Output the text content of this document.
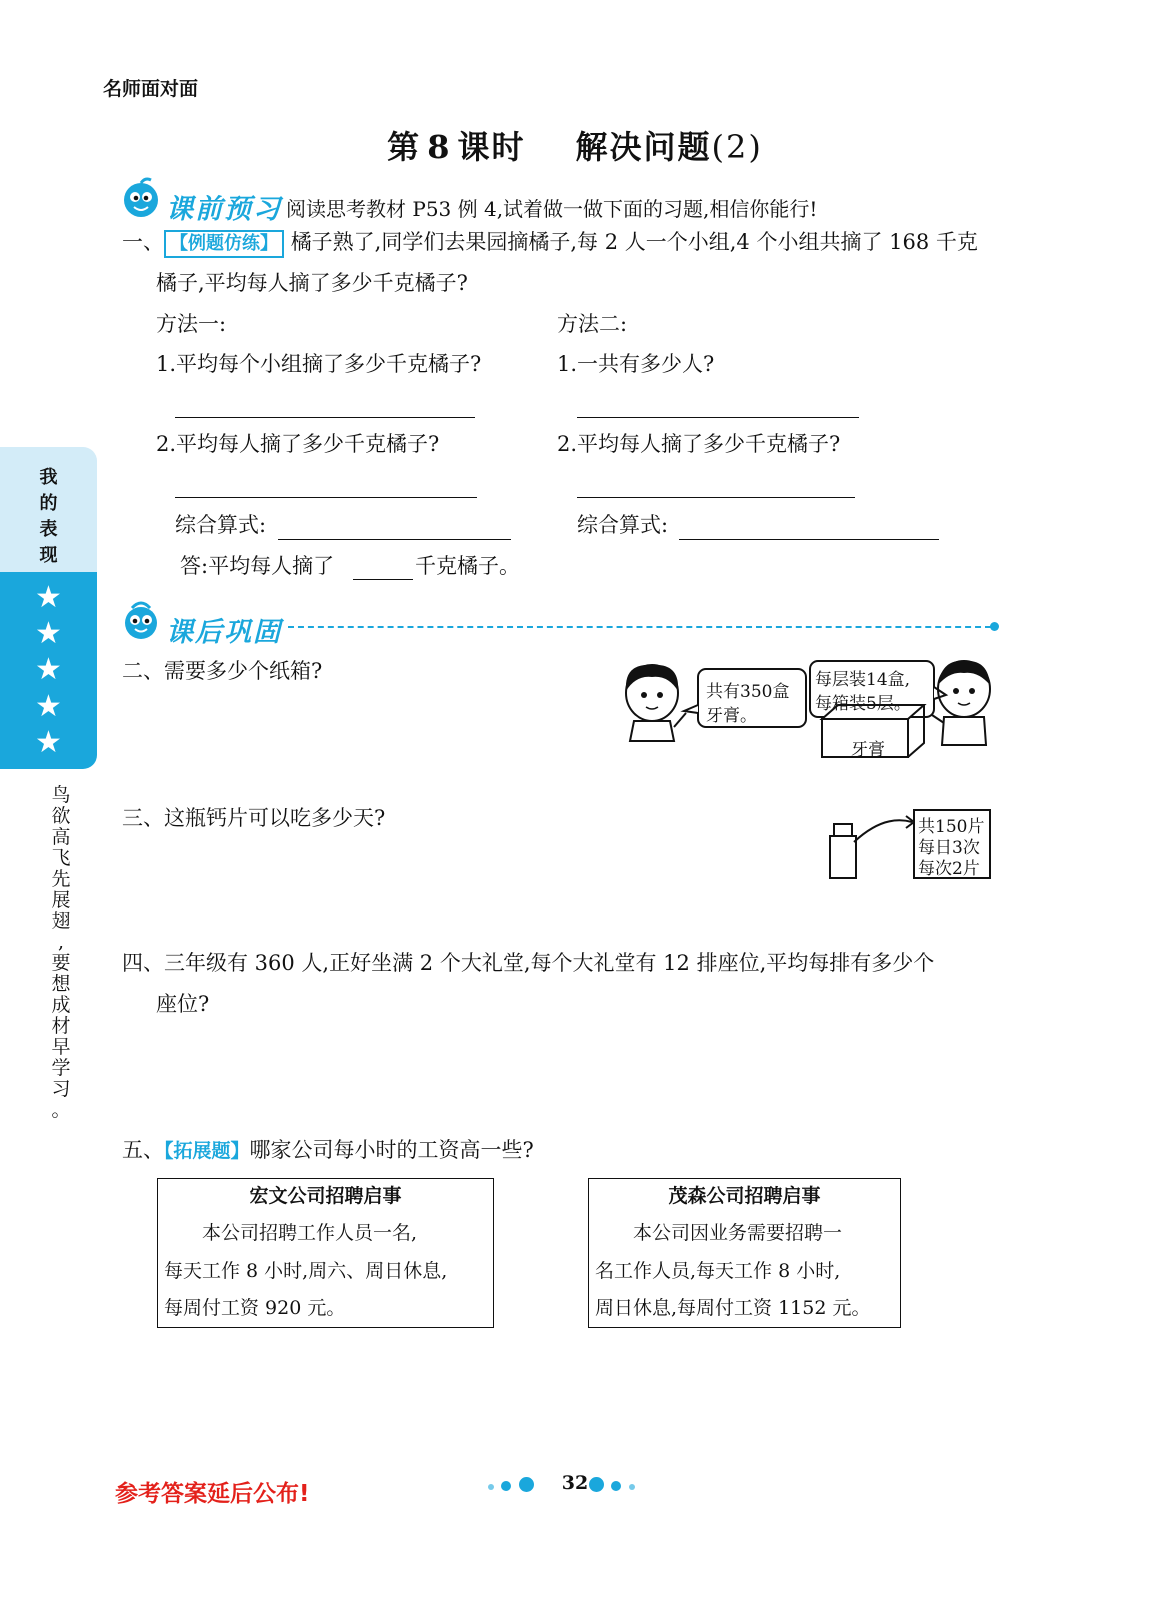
名师面对面
第 8 课时 解决问题(2)
课前预习 阅读思考教材 P53 例 4,试着做一做下面的习题,相信你能行!
一、 【例题仿练】 橘子熟了,同学们去果园摘橘子,每 2 人一个小组,4 个小组共摘了 168 千克
橘子,平均每人摘了多少千克橘子?
方法一:
1.平均每个小组摘了多少千克橘子?
2.平均每人摘了多少千克橘子?
综合算式:
方法二:
1.一共有多少人?
2.平均每人摘了多少千克橘子?
综合算式:
答:平均每人摘了	千克橘子。
课后巩固
二、需要多少个纸箱?
共有350盒
牙膏。
每层装14盒,
每箱装5层。
牙膏
三、这瓶钙片可以吃多少天?	共150片
每日3次
每次2片
四、三年级有 360 人,正好坐满 2 个大礼堂,每个大礼堂有 12 排座位,平均每排有多少个
座位?
五、【拓展题】哪家公司每小时的工资高一些?
宏文公司招聘启事
本公司招聘工作人员一名,
每天工作 8 小时,周六、周日休息,
每周付工资 920 元。
茂森公司招聘启事
本公司因业务需要招聘一
名工作人员,每天工作 8 小时,
周日休息,每周付工资 1152 元。
我
的
表
现
★
★
★
★
★
鸟
欲
高
飞
先
展
翅
,
要
想
成
材
早
学
习
。
参考答案延后公布!	32
